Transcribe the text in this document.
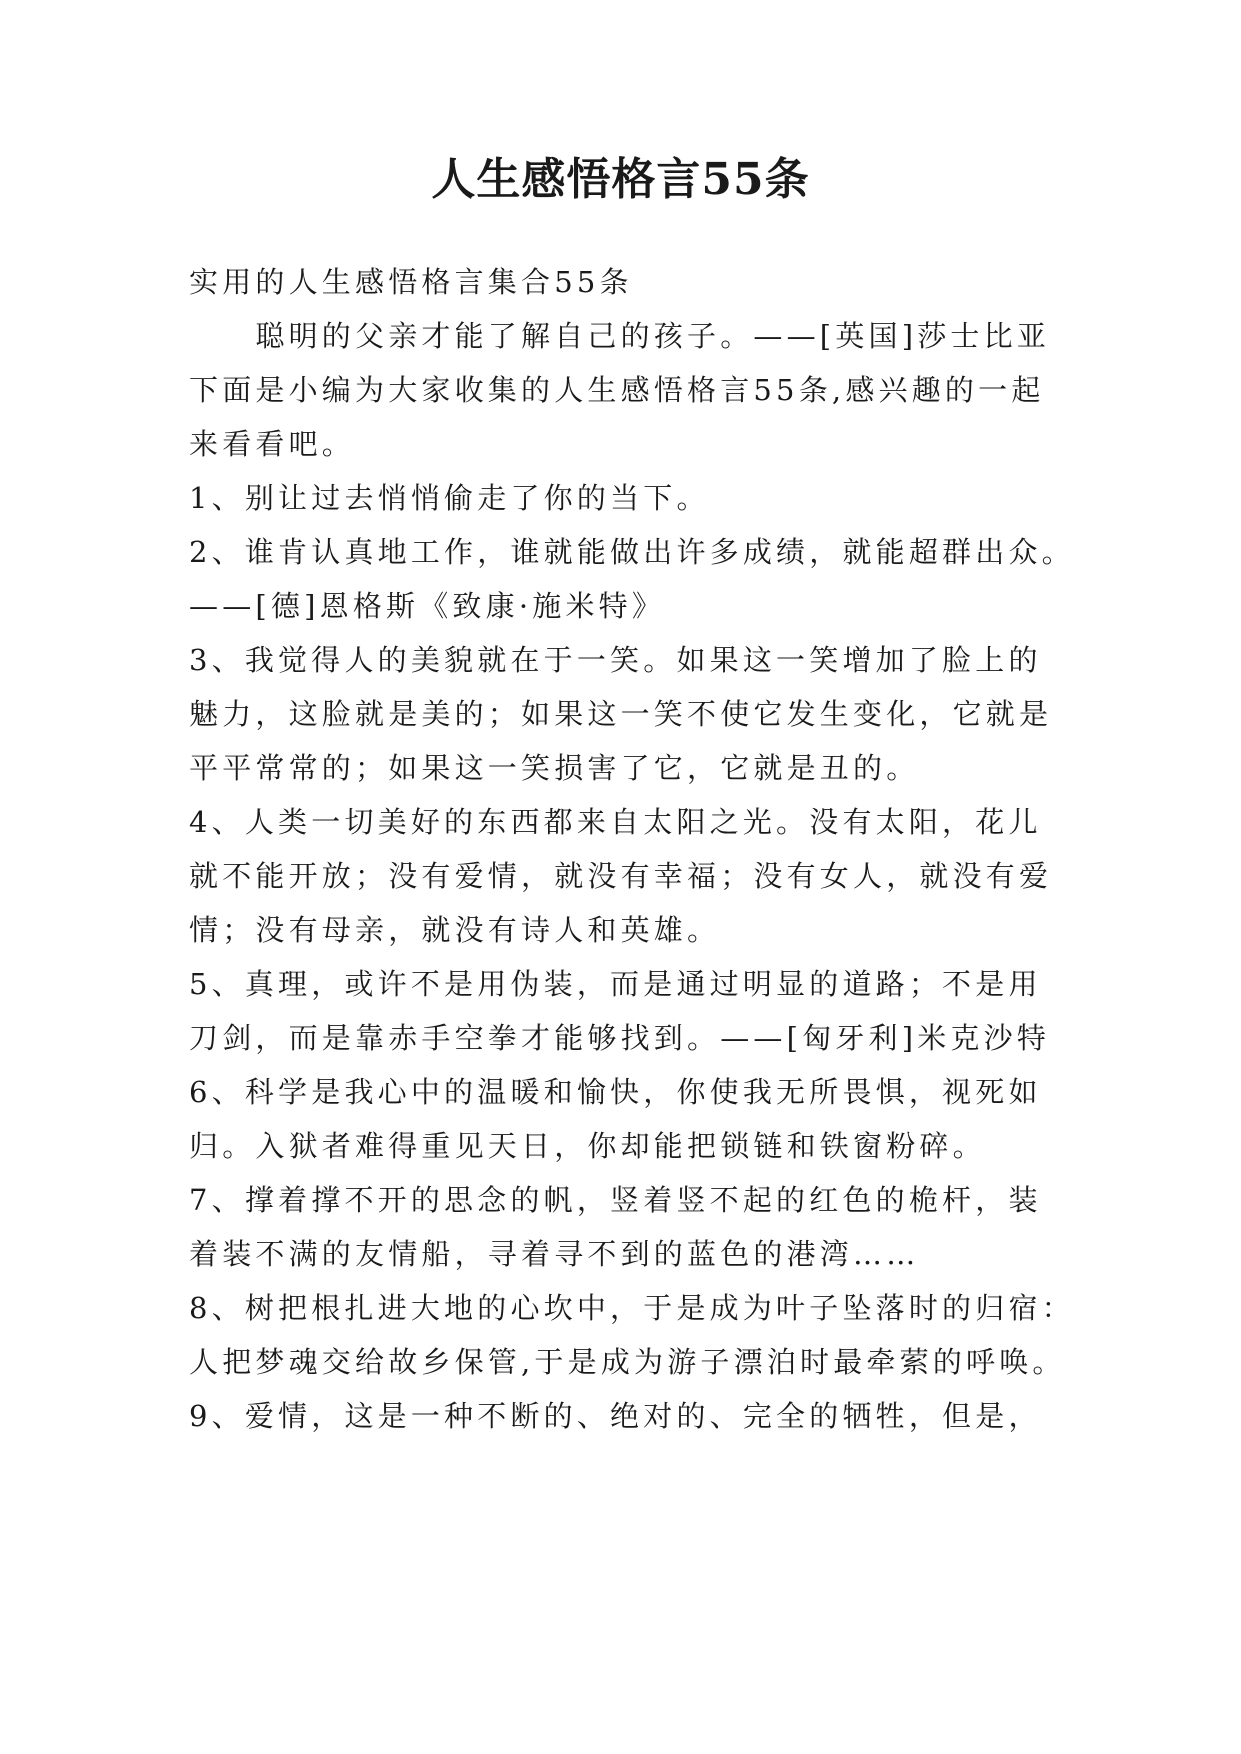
人生感悟格言55条
实用的人生感悟格言集合55条
　　聪明的父亲才能了解自己的孩子。——[英国]莎士比亚
下面是小编为大家收集的人生感悟格言55条,感兴趣的一起
来看看吧。
1、别让过去悄悄偷走了你的当下。
2、谁肯认真地工作，谁就能做出许多成绩，就能超群出众。
——[德]恩格斯《致康·施米特》
3、我觉得人的美貌就在于一笑。如果这一笑增加了脸上的
魅力，这脸就是美的；如果这一笑不使它发生变化，它就是
平平常常的；如果这一笑损害了它，它就是丑的。
4、人类一切美好的东西都来自太阳之光。没有太阳，花儿
就不能开放；没有爱情，就没有幸福；没有女人，就没有爱
情；没有母亲，就没有诗人和英雄。
5、真理，或许不是用伪装，而是通过明显的道路；不是用
刀剑，而是靠赤手空拳才能够找到。——[匈牙利]米克沙特
6、科学是我心中的温暖和愉快，你使我无所畏惧，视死如
归。入狱者难得重见天日，你却能把锁链和铁窗粉碎。
7、撑着撑不开的思念的帆，竖着竖不起的红色的桅杆，装
着装不满的友情船，寻着寻不到的蓝色的港湾……
8、树把根扎进大地的心坎中，于是成为叶子坠落时的归宿：
人把梦魂交给故乡保管,于是成为游子漂泊时最牵萦的呼唤。
9、爱情，这是一种不断的、绝对的、完全的牺牲，但是，
